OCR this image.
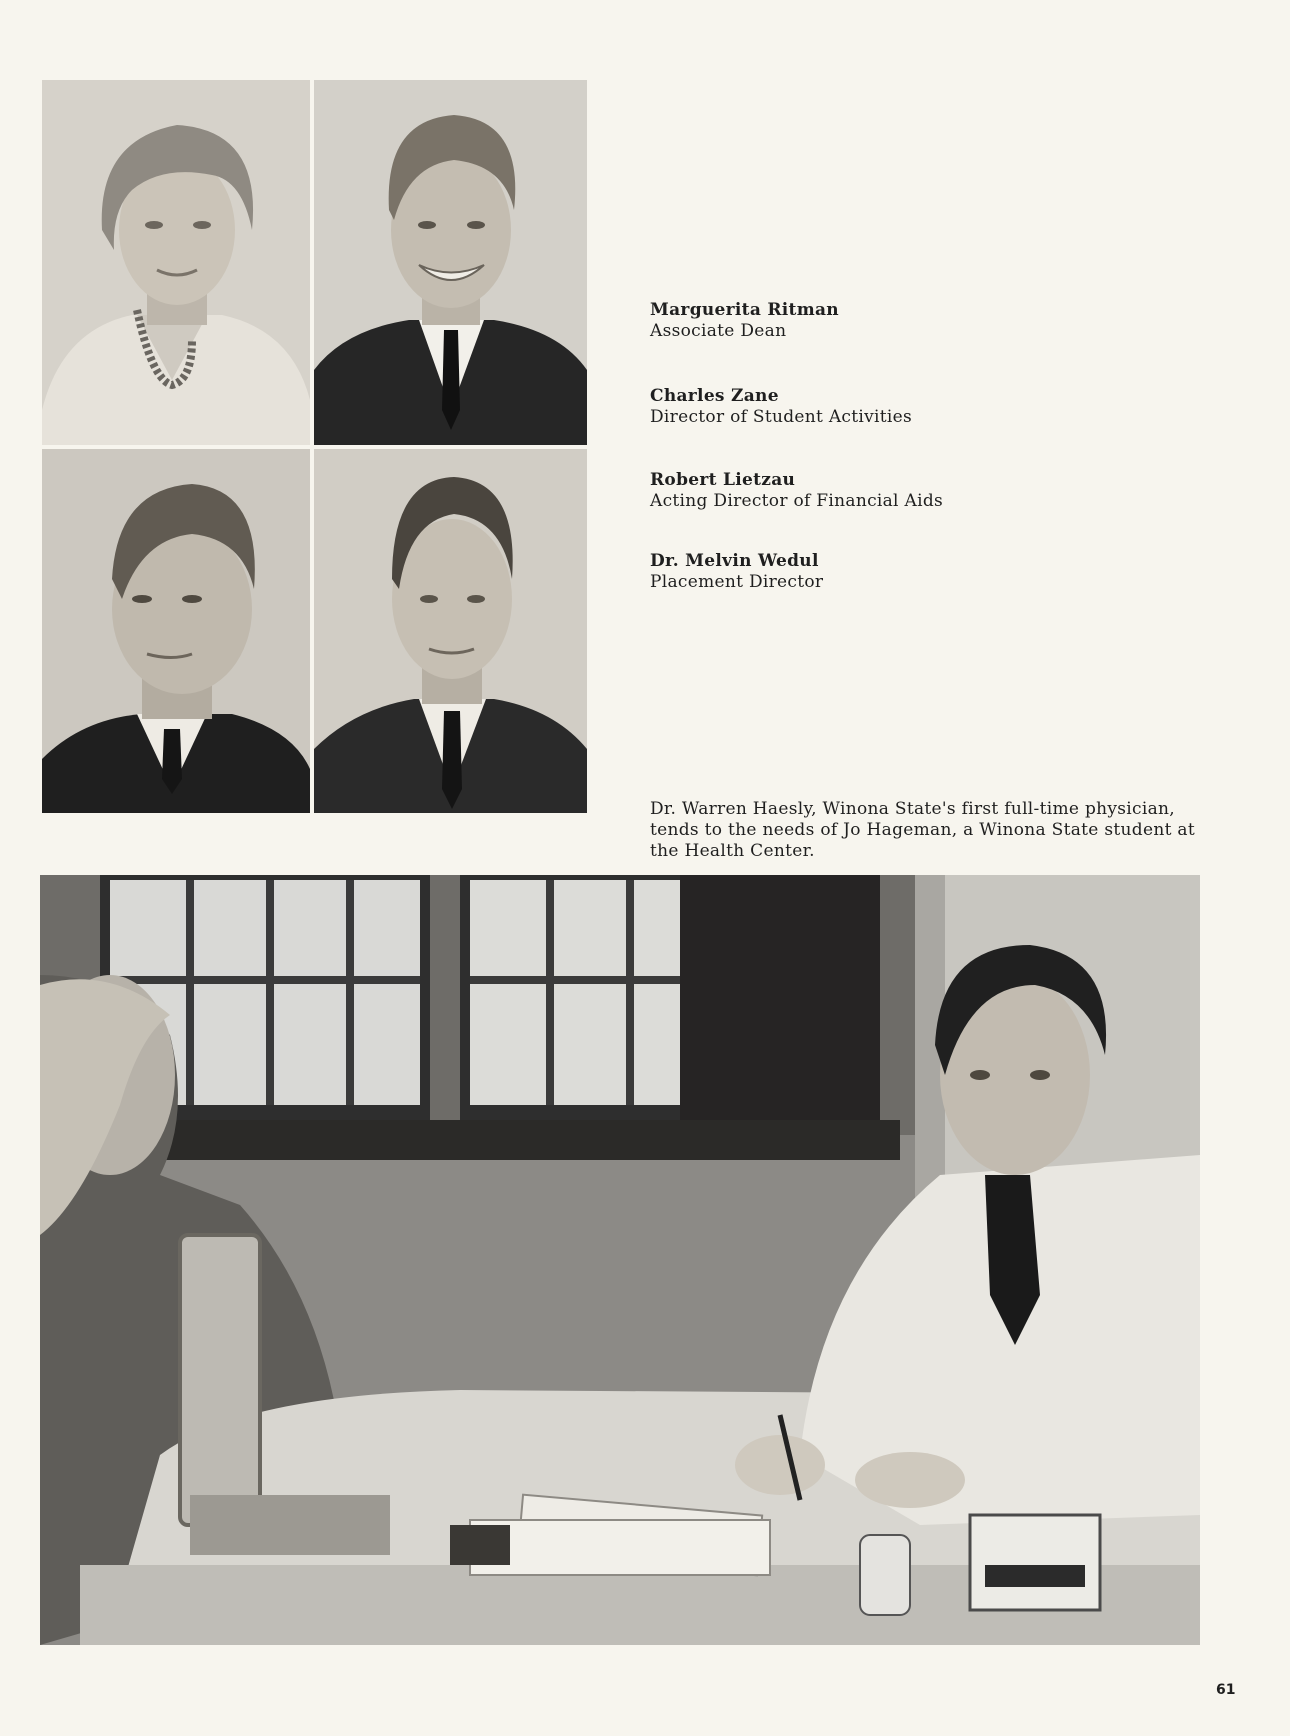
Marguerita Ritman
Associate Dean
Charles Zane
Director of Student Activities
Robert Lietzau
Acting Director of Financial Aids
Dr. Melvin Wedul
Placement Director
Dr. Warren Haesly, Winona State's first full-time physician, tends to the needs of Jo Hageman, a Winona State student at the Health Center.
61
